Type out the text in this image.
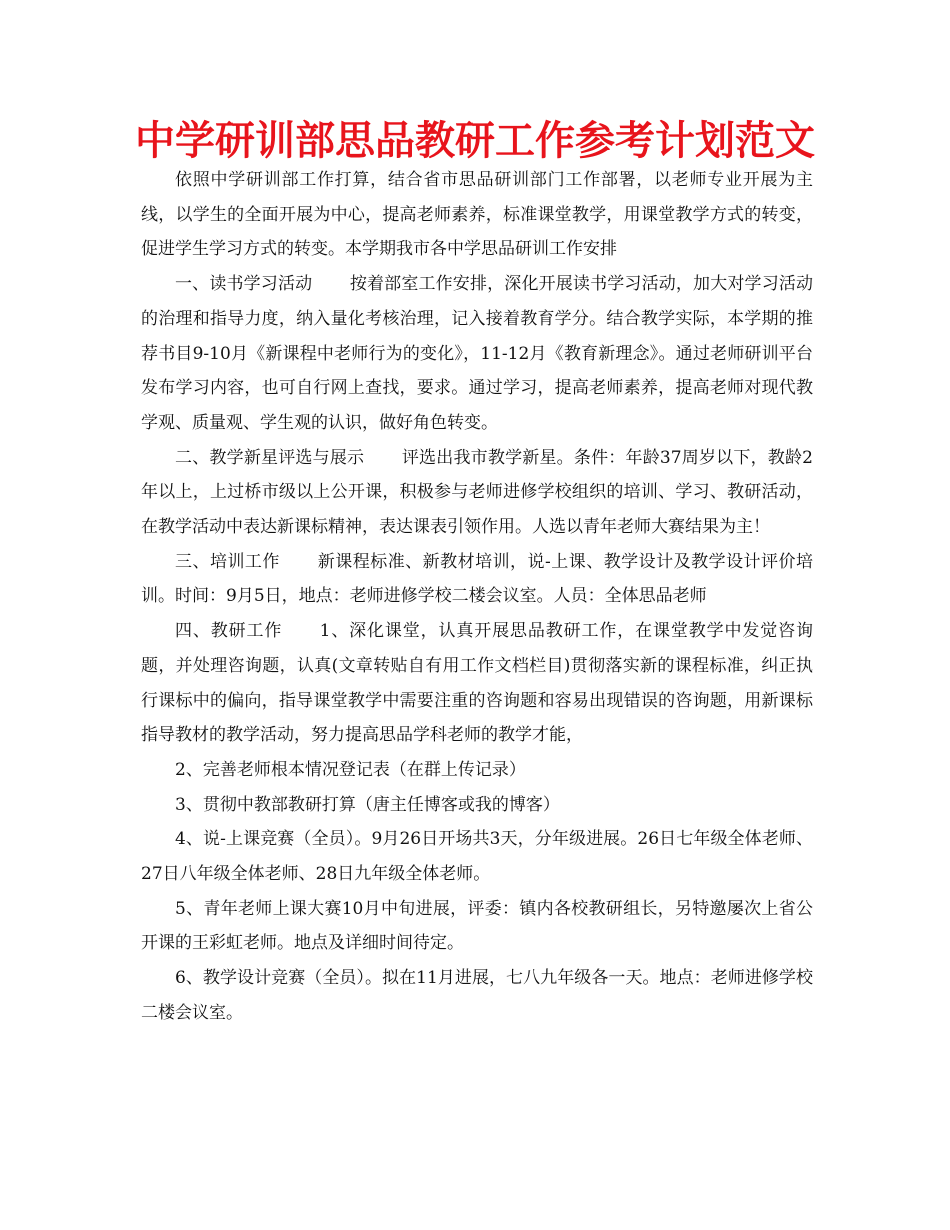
中学研训部思品教研工作参考计划范文

依照中学研训部工作打算，结合省市思品研训部门工作部署，以老师专业开展为主线，以学生的全面开展为中心，提高老师素养，标准课堂教学，用课堂教学方式的转变，促进学生学习方式的转变。本学期我市各中学思品研训工作安排

一、读书学习活动 按着部室工作安排，深化开展读书学习活动，加大对学习活动的治理和指导力度，纳入量化考核治理，记入接着教育学分。结合教学实际，本学期的推荐书目9-10月《新课程中老师行为的变化》，11-12月《教育新理念》。通过老师研训平台发布学习内容，也可自行网上查找，要求。通过学习，提高老师素养，提高老师对现代教学观、质量观、学生观的认识，做好角色转变。

二、教学新星评选与展示 评选出我市教学新星。条件：年龄37周岁以下，教龄2年以上，上过桥市级以上公开课，积极参与老师进修学校组织的培训、学习、教研活动，在教学活动中表达新课标精神，表达课表引领作用。人选以青年老师大赛结果为主！

三、培训工作 新课程标准、新教材培训，说-上课、教学设计及教学设计评价培训。时间：9月5日，地点：老师进修学校二楼会议室。人员：全体思品老师

四、教研工作 1、深化课堂，认真开展思品教研工作，在课堂教学中发觉咨询题，并处理咨询题，认真(文章转贴自有用工作文档栏目)贯彻落实新的课程标准，纠正执行课标中的偏向，指导课堂教学中需要注重的咨询题和容易出现错误的咨询题，用新课标指导教材的教学活动，努力提高思品学科老师的教学才能，

2、完善老师根本情况登记表（在群上传记录）

3、贯彻中教部教研打算（唐主任博客或我的博客）

4、说-上课竞赛（全员）。9月26日开场共3天，分年级进展。26日七年级全体老师、27日八年级全体老师、28日九年级全体老师。

5、青年老师上课大赛10月中旬进展，评委：镇内各校教研组长，另特邀屡次上省公开课的王彩虹老师。地点及详细时间待定。

6、教学设计竞赛（全员）。拟在11月进展，七八九年级各一天。地点：老师进修学校二楼会议室。
